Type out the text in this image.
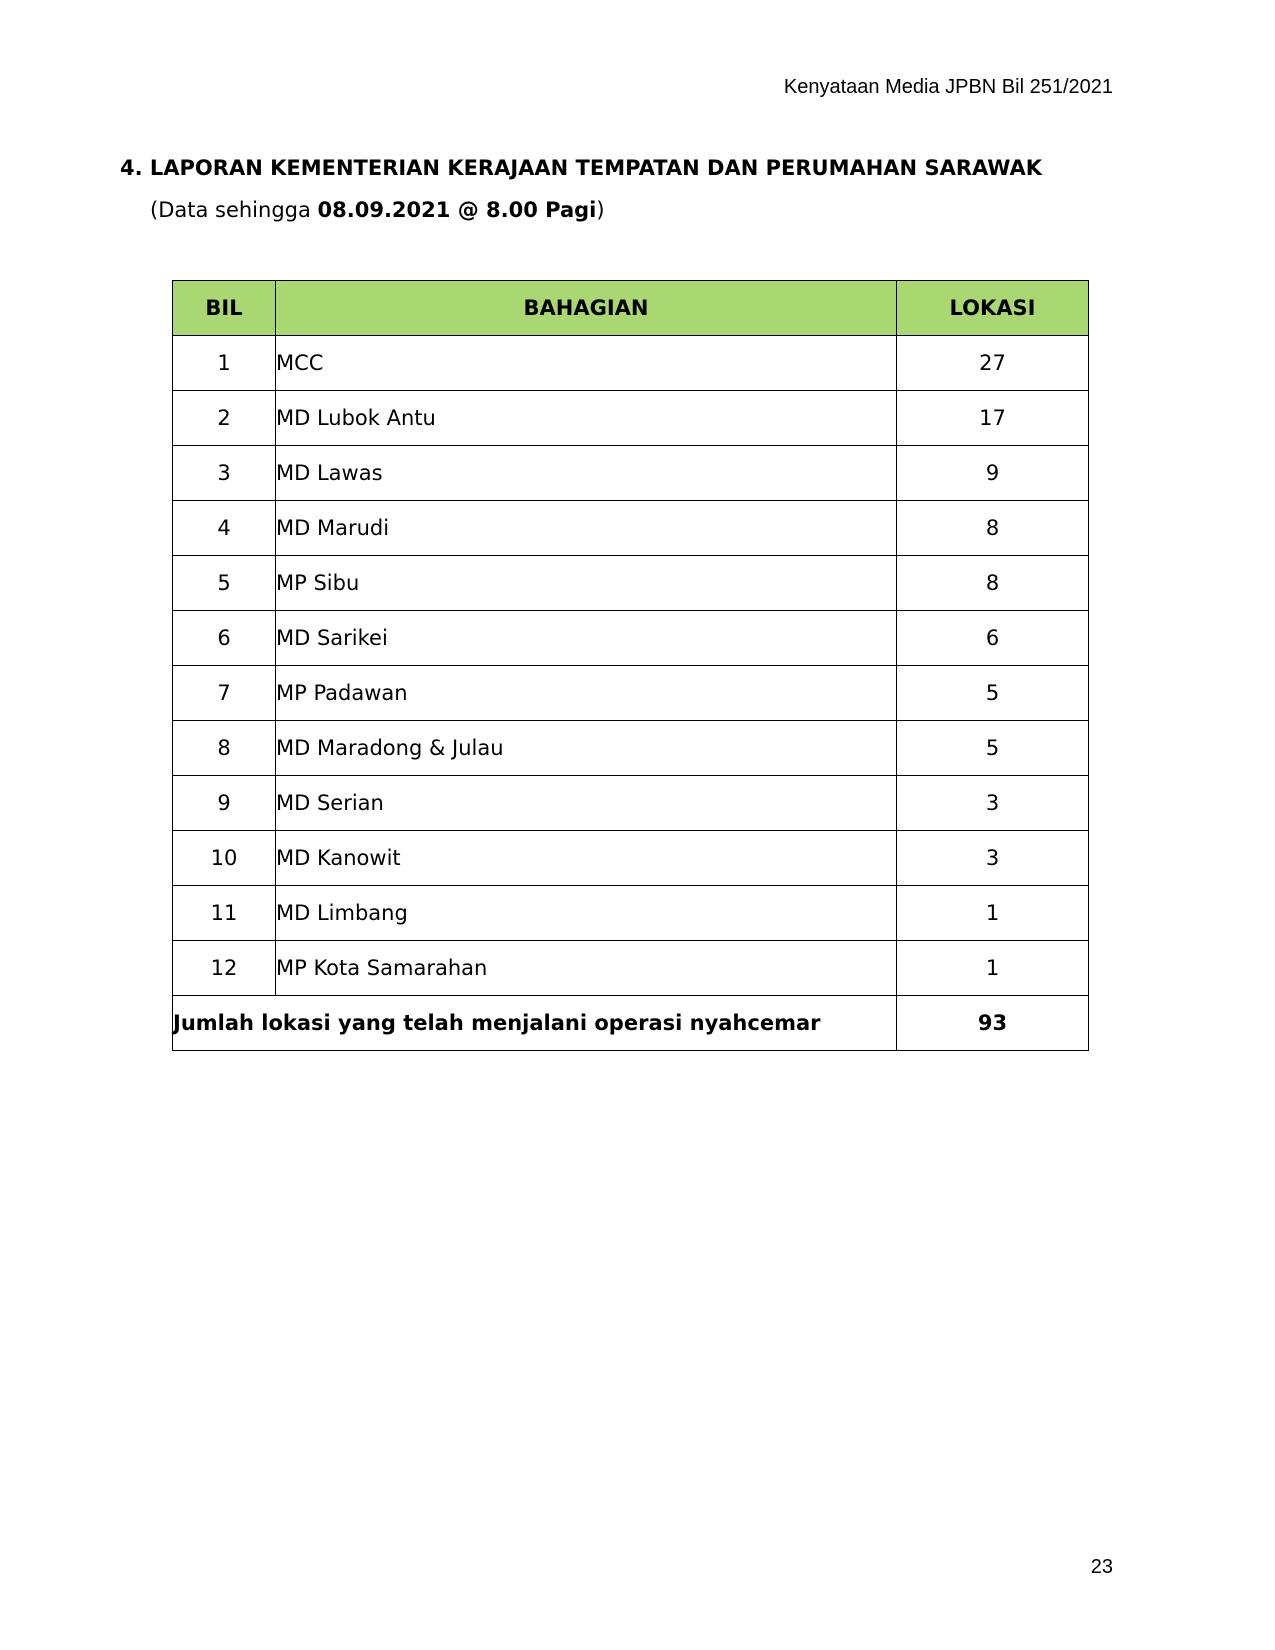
Kenyataan Media JPBN Bil 251/2021
4. LAPORAN KEMENTERIAN KERAJAAN TEMPATAN DAN PERUMAHAN SARAWAK
(Data sehingga 08.09.2021 @ 8.00 Pagi)
BIL	BAHAGIAN	LOKASI
1	MCC	27
2	MD Lubok Antu	17
3	MD Lawas	9
4	MD Marudi	8
5	MP Sibu	8
6	MD Sarikei	6
7	MP Padawan	5
8	MD Maradong & Julau	5
9	MD Serian	3
10	MD Kanowit	3
11	MD Limbang	1
12	MP Kota Samarahan	1
Jumlah lokasi yang telah menjalani operasi nyahcemar		93
23
